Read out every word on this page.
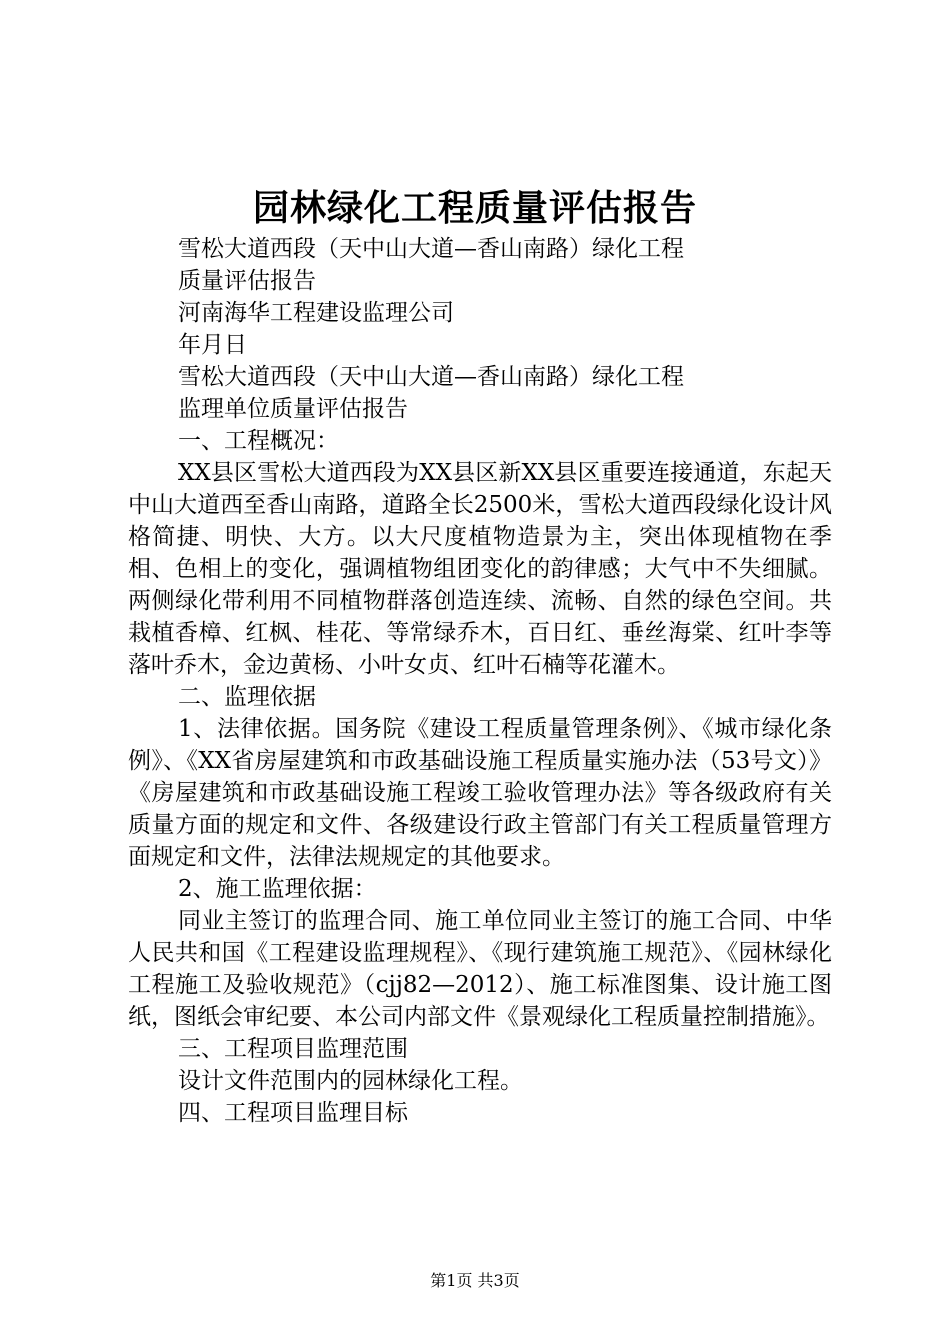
园林绿化工程质量评估报告
雪松大道西段（天中山大道—香山南路）绿化工程
质量评估报告
河南海华工程建设监理公司
年月日
雪松大道西段（天中山大道—香山南路）绿化工程
监理单位质量评估报告
一、工程概况：

XX县区雪松大道西段为XX县区新XX县区重要连接通道，东起天中山大道西至香山南路，道路全长2500米，雪松大道西段绿化设计风格简捷、明快、大方。以大尺度植物造景为主，突出体现植物在季相、色相上的变化，强调植物组团变化的韵律感；大气中不失细腻。两侧绿化带利用不同植物群落创造连续、流畅、自然的绿色空间。共栽植香樟、红枫、桂花、等常绿乔木，百日红、垂丝海棠、红叶李等落叶乔木，金边黄杨、小叶女贞、红叶石楠等花灌木。

二、监理依据

1、法律依据。国务院《建设工程质量管理条例》、《城市绿化条例》、《XX省房屋建筑和市政基础设施工程质量实施办法（53号文）》《房屋建筑和市政基础设施工程竣工验收管理办法》等各级政府有关质量方面的规定和文件、各级建设行政主管部门有关工程质量管理方面规定和文件，法律法规规定的其他要求。

2、施工监理依据：

同业主签订的监理合同、施工单位同业主签订的施工合同、中华人民共和国《工程建设监理规程》、《现行建筑施工规范》、《园林绿化工程施工及验收规范》（cjj82—2012）、施工标准图集、设计施工图纸，图纸会审纪要、本公司内部文件《景观绿化工程质量控制措施》。

三、工程项目监理范围
设计文件范围内的园林绿化工程。
四、工程项目监理目标
第1页 共3页
